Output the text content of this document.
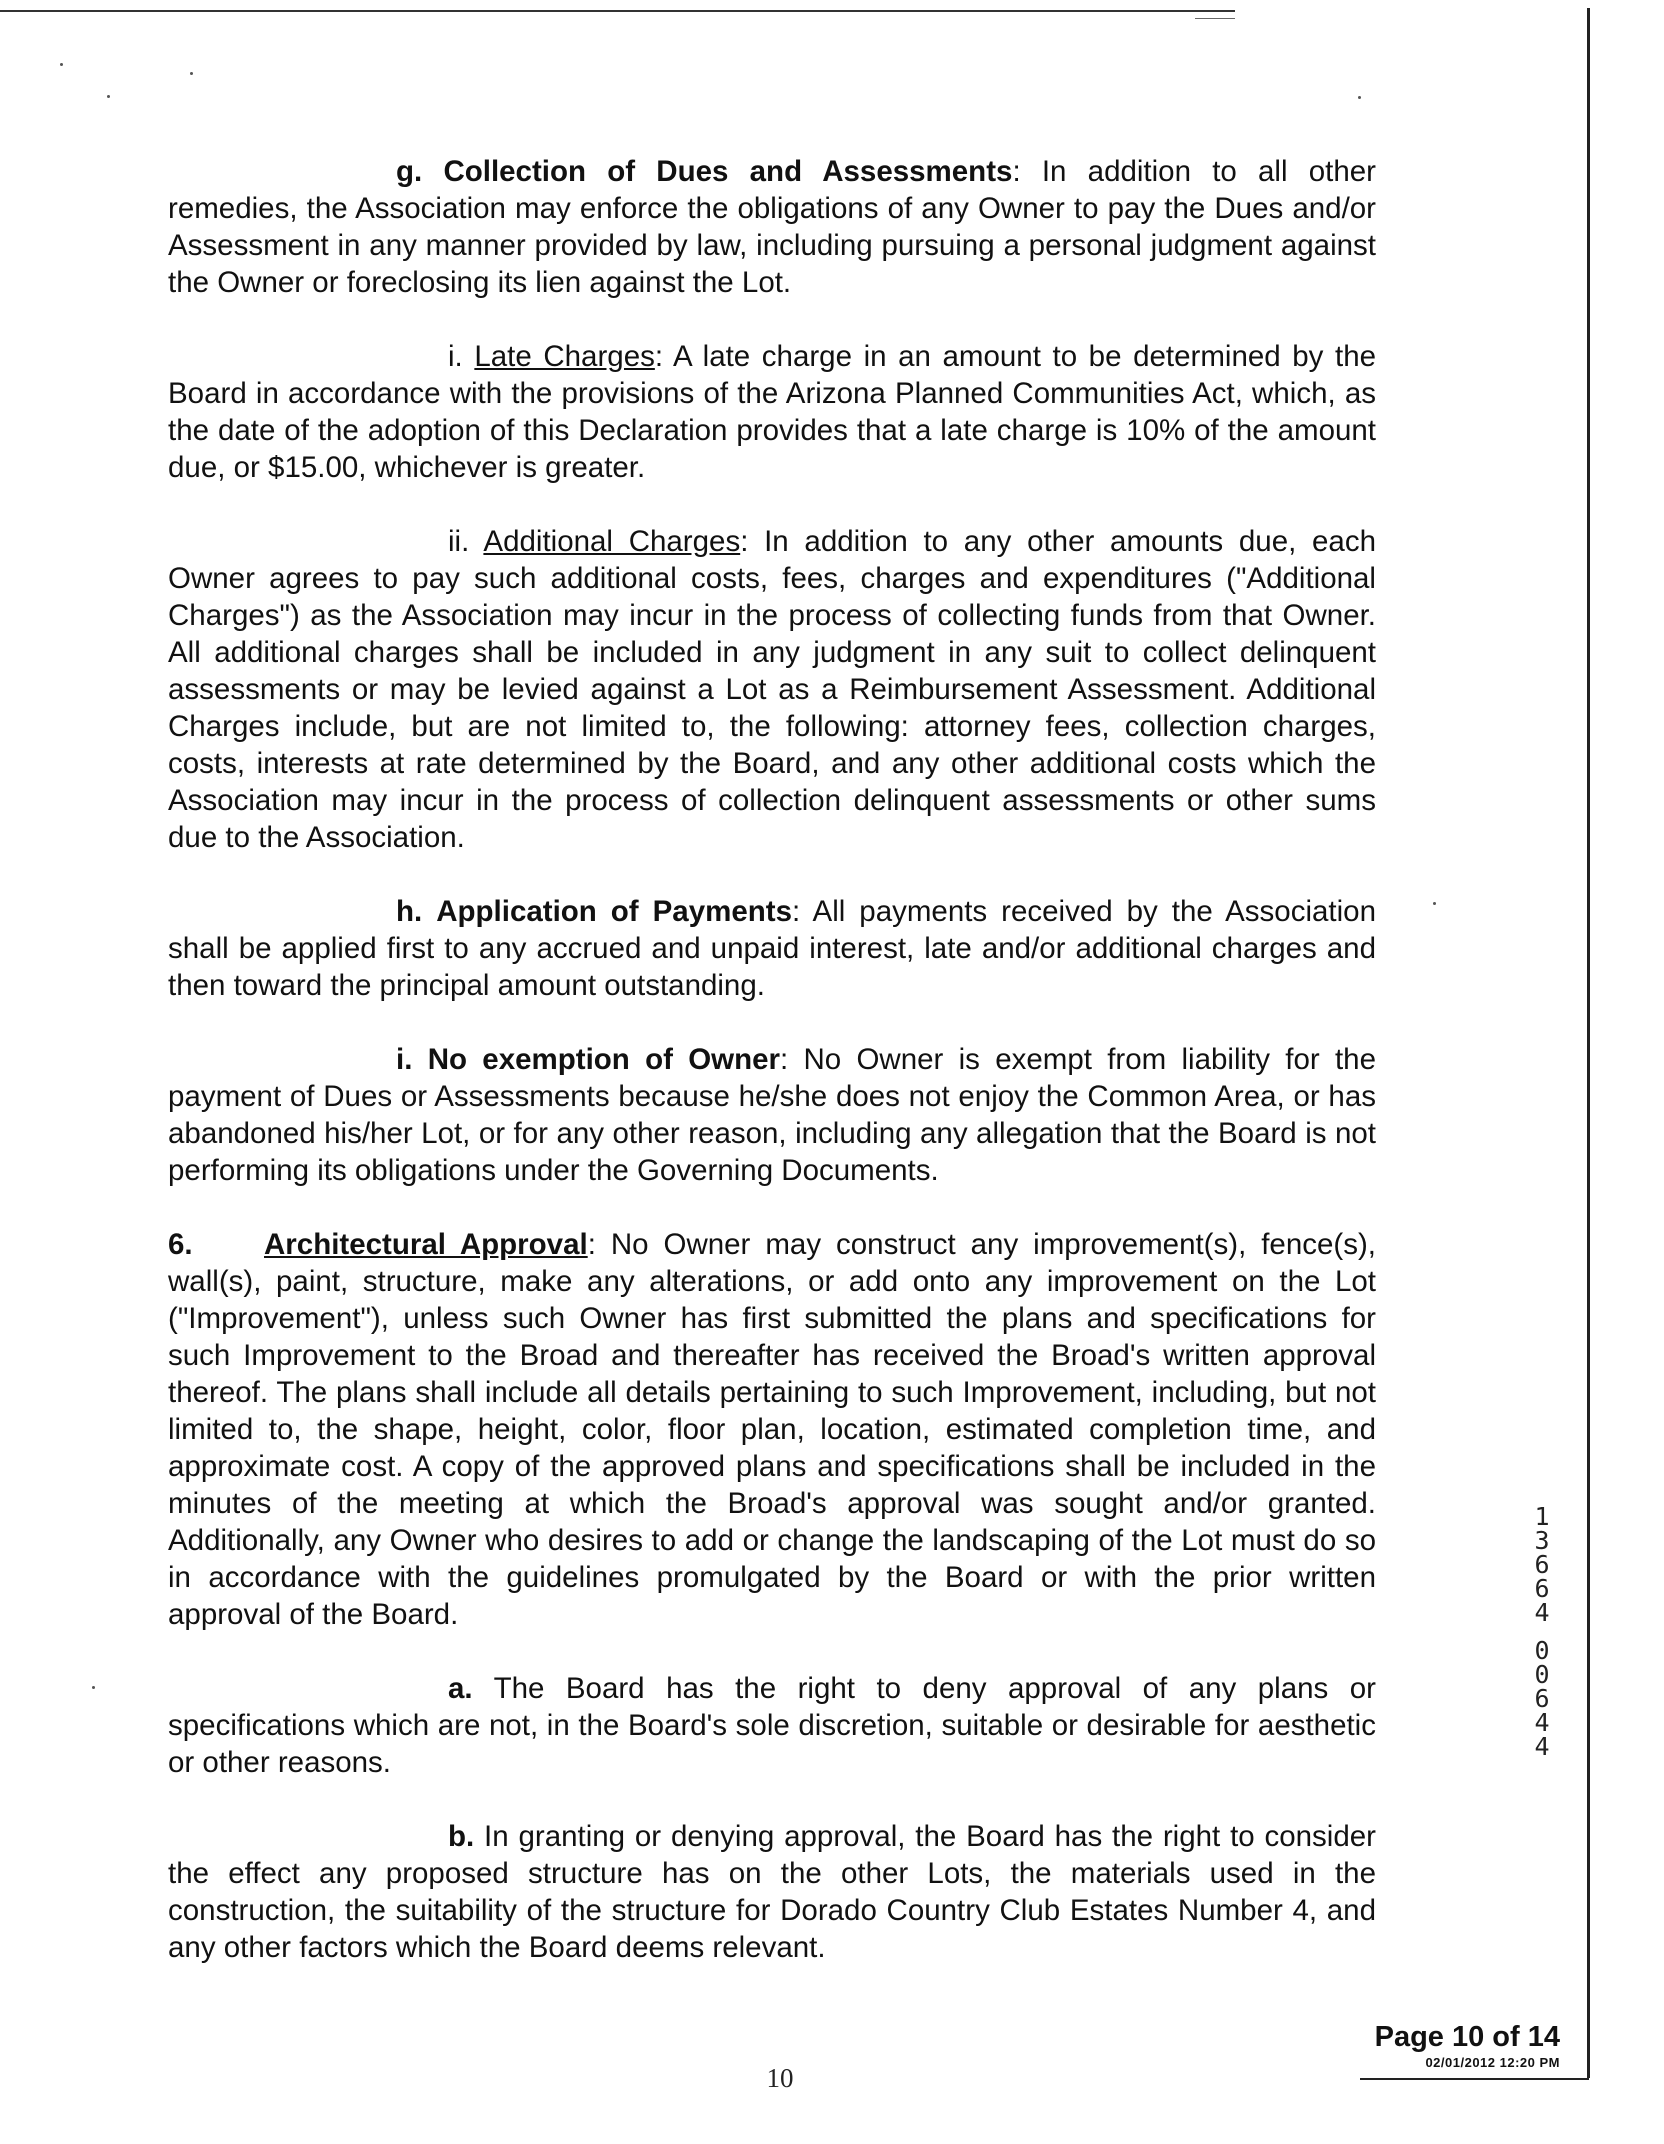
g. Collection of Dues and Assessments: In addition to all other remedies, the Association may enforce the obligations of any Owner to pay the Dues and/or Assessment in any manner provided by law, including pursuing a personal judgment against the Owner or foreclosing its lien against the Lot.

i. Late Charges: A late charge in an amount to be determined by the Board in accordance with the provisions of the Arizona Planned Communities Act, which, as the date of the adoption of this Declaration provides that a late charge is 10% of the amount due, or $15.00, whichever is greater.

ii. Additional Charges: In addition to any other amounts due, each Owner agrees to pay such additional costs, fees, charges and expenditures ("Additional Charges") as the Association may incur in the process of collecting funds from that Owner. All additional charges shall be included in any judgment in any suit to collect delinquent assessments or may be levied against a Lot as a Reimbursement Assessment. Additional Charges include, but are not limited to, the following: attorney fees, collection charges, costs, interests at rate determined by the Board, and any other additional costs which the Association may incur in the process of collection delinquent assessments or other sums due to the Association.

h. Application of Payments: All payments received by the Association shall be applied first to any accrued and unpaid interest, late and/or additional charges and then toward the principal amount outstanding.

i. No exemption of Owner: No Owner is exempt from liability for the payment of Dues or Assessments because he/she does not enjoy the Common Area, or has abandoned his/her Lot, or for any other reason, including any allegation that the Board is not performing its obligations under the Governing Documents.

6. Architectural Approval: No Owner may construct any improvement(s), fence(s), wall(s), paint, structure, make any alterations, or add onto any improvement on the Lot ("Improvement"), unless such Owner has first submitted the plans and specifications for such Improvement to the Broad and thereafter has received the Broad's written approval thereof. The plans shall include all details pertaining to such Improvement, including, but not limited to, the shape, height, color, floor plan, location, estimated completion time, and approximate cost. A copy of the approved plans and specifications shall be included in the minutes of the meeting at which the Broad's approval was sought and/or granted. Additionally, any Owner who desires to add or change the landscaping of the Lot must do so in accordance with the guidelines promulgated by the Board or with the prior written approval of the Board.

a. The Board has the right to deny approval of any plans or specifications which are not, in the Board's sole discretion, suitable or desirable for aesthetic or other reasons.

b. In granting or denying approval, the Board has the right to consider the effect any proposed structure has on the other Lots, the materials used in the construction, the suitability of the structure for Dorado Country Club Estates Number 4, and any other factors which the Board deems relevant.

1
3
6
6
4
0
0
6
4
4
Page 10 of 14
02/01/2012 12:20 PM
10
